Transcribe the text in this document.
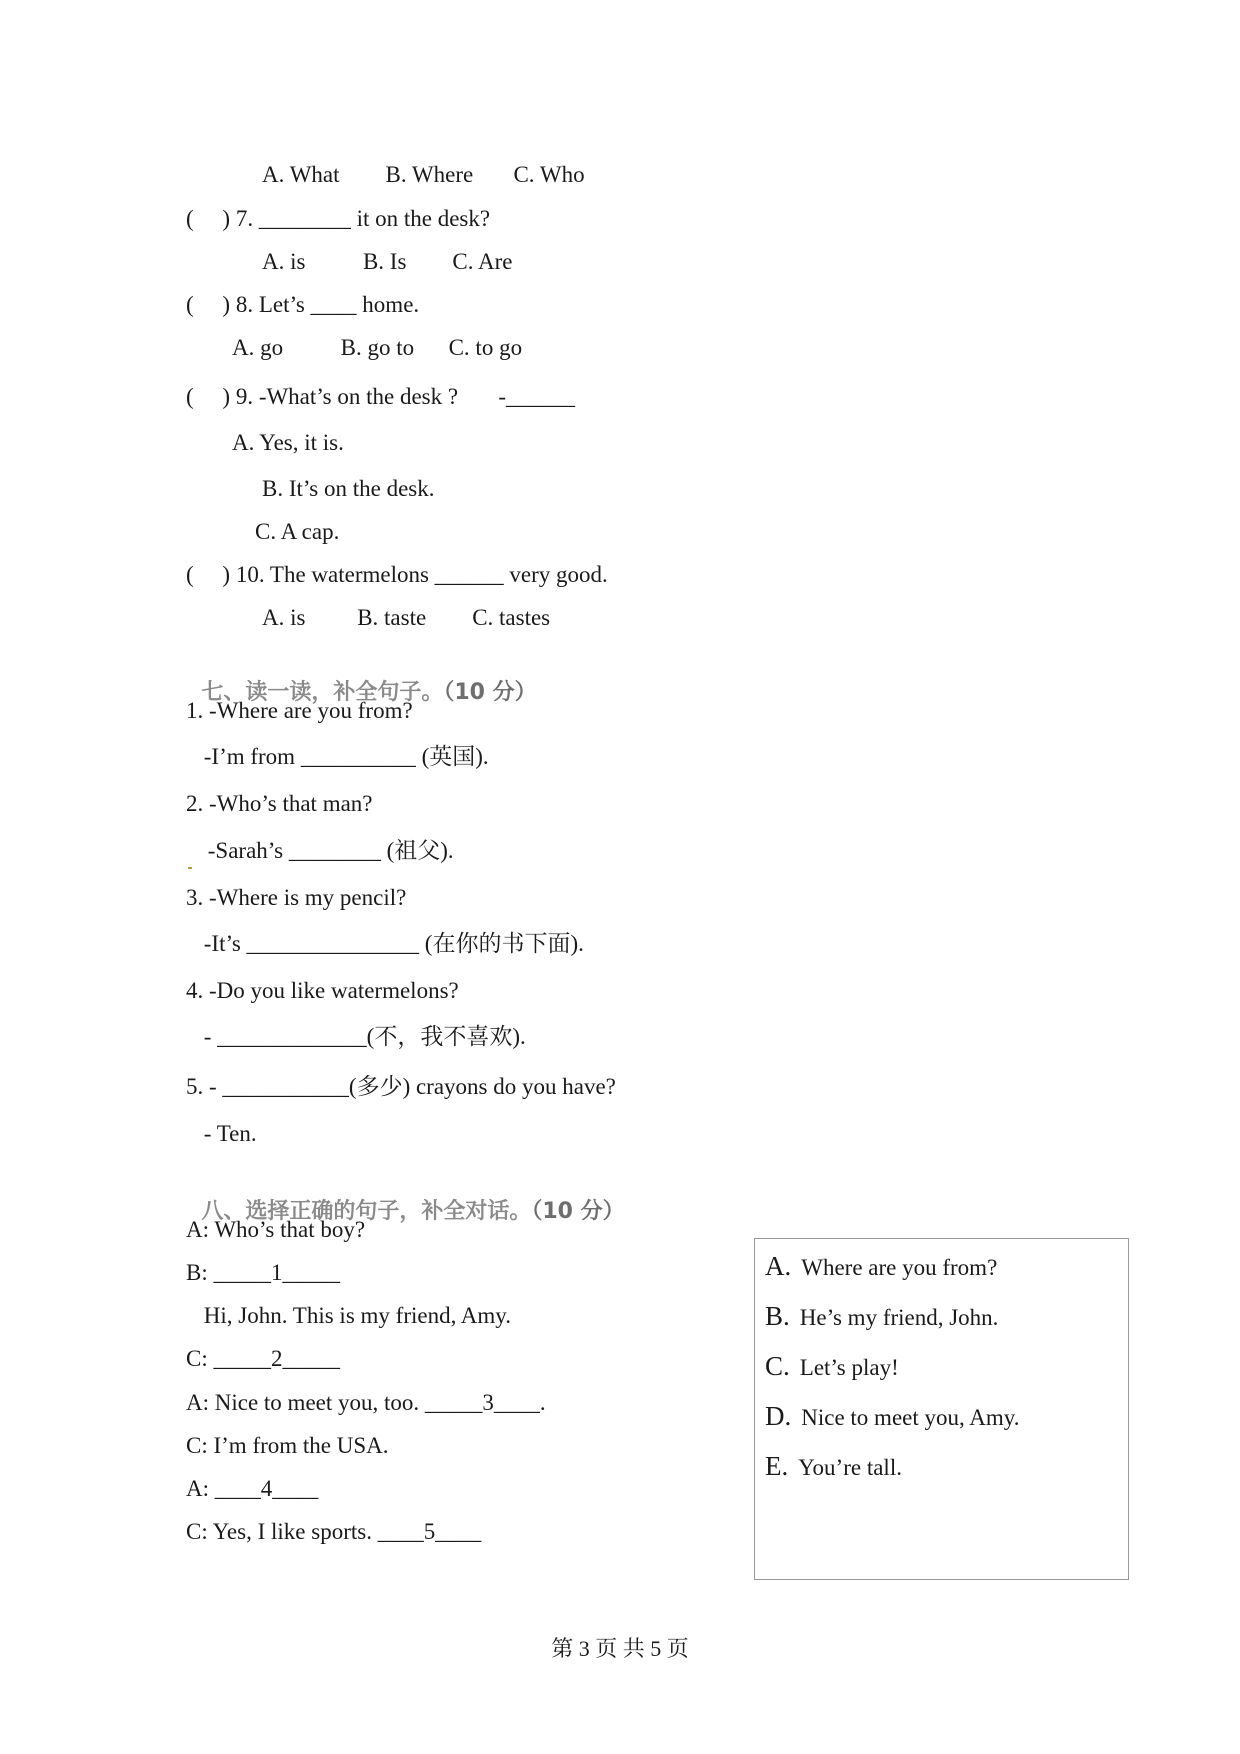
A. What        B. Where       C. Who
(     ) 7. ________ it on the desk?
A. is          B. Is        C. Are
(     ) 8. Let’s ____ home.
A. go          B. go to      C. to go
(     ) 9. -What’s on the desk ?       -______
A. Yes, it is.
B. It’s on the desk.
C. A cap.
(     ) 10. The watermelons ______ very good.
A. is         B. taste        C. tastes

七、读一读，补全句子。（10 分）

1. -Where are you from?
-I’m from __________ (英国).
2. -Who’s that man?
-Sarah’s ________ (祖父).
3. -Where is my pencil?
-It’s _______________ (在你的书下面).
4. -Do you like watermelons?
- _____________(不，我不喜欢).
5. - ___________(多少) crayons do you have?
- Ten.

八、选择正确的句子，补全对话。（10 分）

A: Who’s that boy?
B: _____1_____
Hi, John. This is my friend, Amy.
C: _____2_____
A: Nice to meet you, too. _____3____.
C: I’m from the USA.
A: ____4____
C: Yes, I like sports. ____5____
A. Where are you from?
B. He’s my friend, John.
C. Let’s play!
D. Nice to meet you, Amy.
E. You’re tall.
第 3 页 共 5 页
